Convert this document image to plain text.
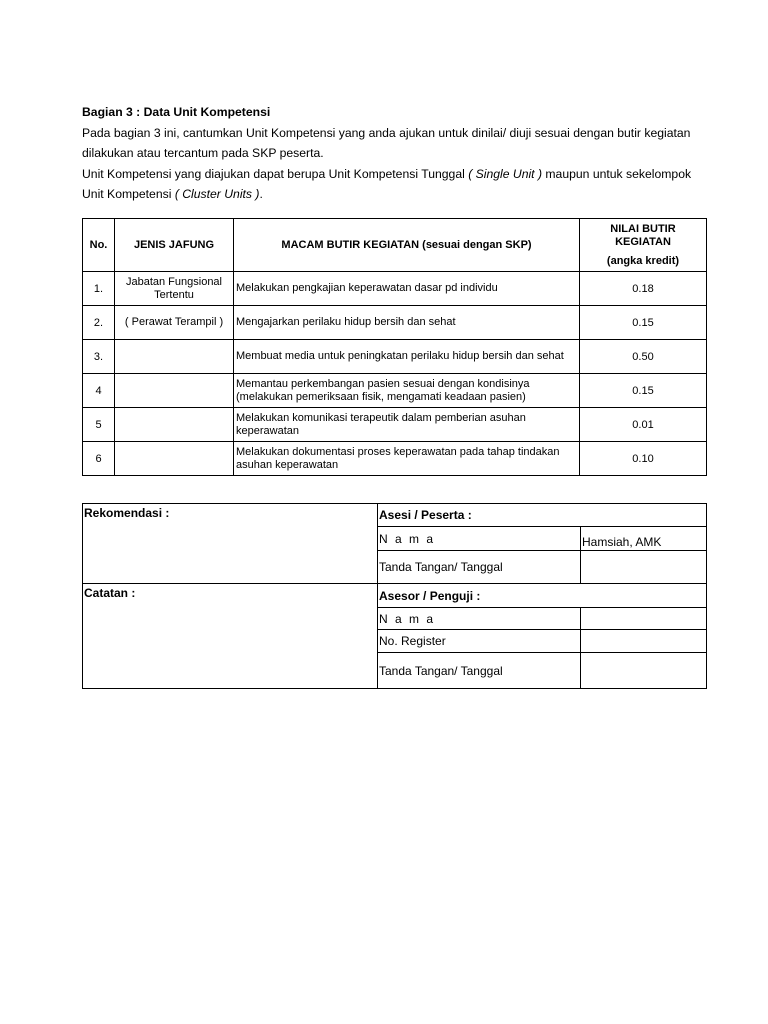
Bagian 3 : Data Unit Kompetensi
Pada bagian 3 ini, cantumkan Unit Kompetensi yang anda ajukan untuk dinilai/ diuji sesuai dengan butir kegiatan dilakukan atau tercantum pada SKP peserta.
Unit Kompetensi yang diajukan dapat berupa Unit Kompetensi Tunggal ( Single Unit ) maupun untuk sekelompok Unit Kompetensi ( Cluster Units ).
No.	JENIS JAFUNG	MACAM BUTIR KEGIATAN (sesuai dengan SKP)	NILAI BUTIR KEGIATAN
(angka kredit)

1.	Jabatan Fungsional Tertentu	Melakukan pengkajian keperawatan dasar pd individu	0.18
2.	( Perawat Terampil )	Mengajarkan perilaku hidup bersih dan sehat	0.15
3.		Membuat media untuk peningkatan perilaku hidup bersih dan sehat	0.50
4		Memantau perkembangan pasien sesuai dengan kondisinya (melakukan pemeriksaan fisik, mengamati keadaan pasien)	0.15
5		Melakukan komunikasi terapeutik dalam pemberian asuhan keperawatan	0.01
6		Melakukan dokumentasi proses keperawatan pada tahap tindakan asuhan keperawatan	0.10
Rekomendasi :	Asesi / Peserta :	
	N a m a	Hamsiah, AMK
	Tanda Tangan/ Tanggal	
Catatan :	Asesor / Penguji :	
	N a m a	
	No. Register	
	Tanda Tangan/ Tanggal	
